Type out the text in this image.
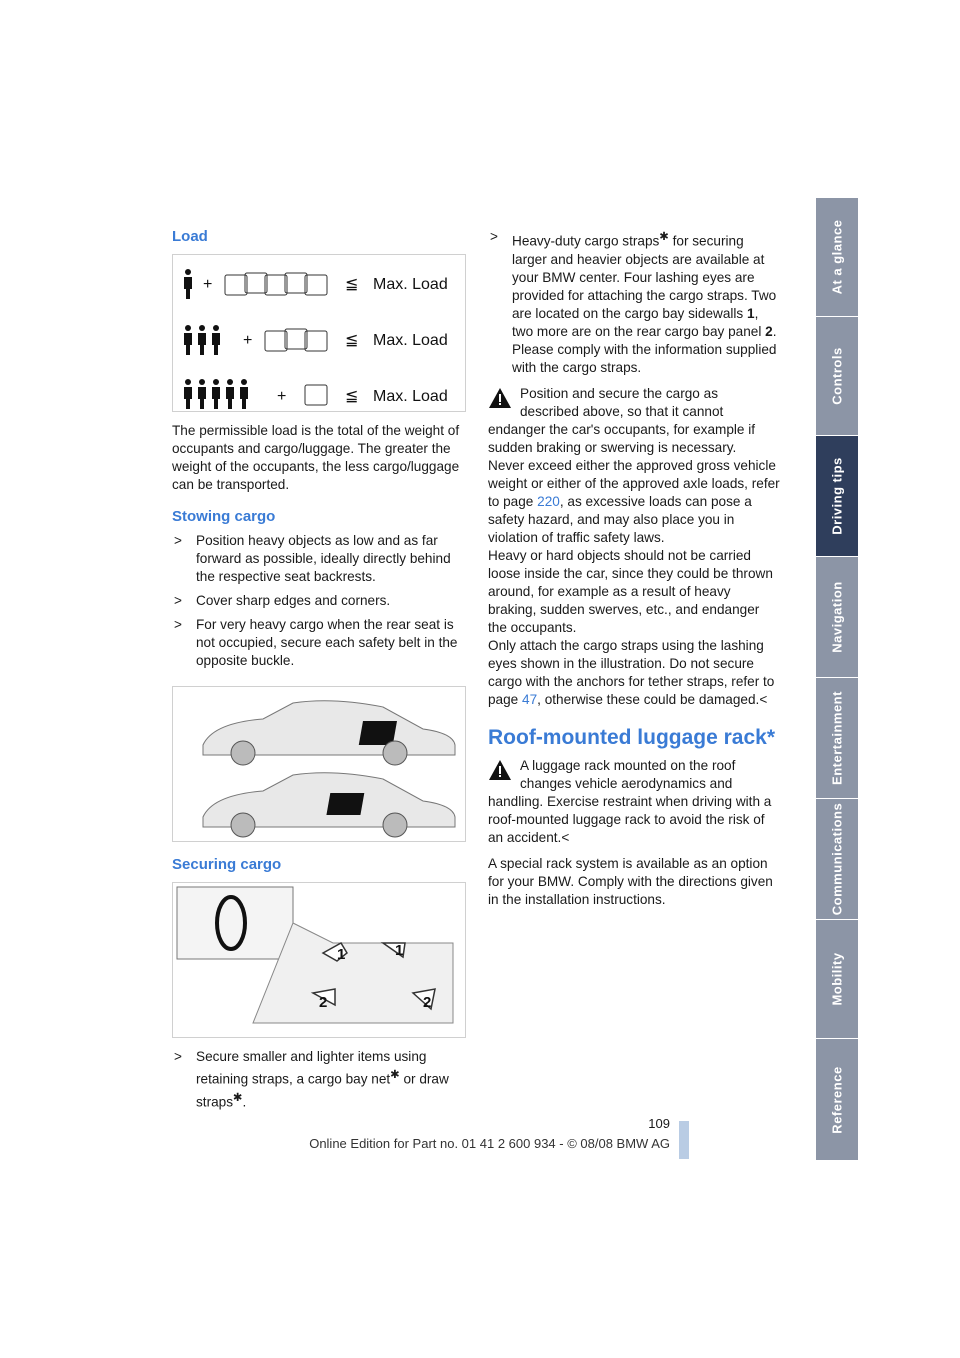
Load
+
+
+
≦
≦
≦
Max. Load
Max. Load
Max. Load

The permissible load is the total of the weight of occupants and cargo/luggage. The greater the weight of the occupants, the less cargo/luggage can be transported.

Stowing cargo
> Position heavy objects as low and as far forward as possible, ideally directly behind the respective seat backrests.
> Cover sharp edges and corners.
> For very heavy cargo when the rear seat is not occupied, secure each safety belt in the opposite buckle.
Securing cargo
1	1
2	2
> Secure smaller and lighter items using retaining straps, a cargo bay net✱ or draw straps✱.
> Heavy-duty cargo straps✱ for securing larger and heavier objects are available at your BMW center. Four lashing eyes are provided for attaching the cargo straps. Two are located on the cargo bay sidewalls 1, two more are on the rear cargo bay panel 2.
Please comply with the information supplied with the cargo straps.

Position and secure the cargo as described above, so that it cannot endanger the car's occupants, for example if sudden braking or swerving is necessary.
Never exceed either the approved gross vehicle weight or either of the approved axle loads, refer to page 220, as excessive loads can pose a safety hazard, and may also place you in violation of traffic safety laws.
Heavy or hard objects should not be carried loose inside the car, since they could be thrown around, for example as a result of heavy braking, sudden swerves, etc., and endanger the occupants.
Only attach the cargo straps using the lashing eyes shown in the illustration. Do not secure cargo with the anchors for tether straps, refer to page 47, otherwise these could be damaged.<

Roof-mounted luggage rack*

A luggage rack mounted on the roof changes vehicle aerodynamics and handling. Exercise restraint when driving with a roof-mounted luggage rack to avoid the risk of an accident.<

A special rack system is available as an option for your BMW. Comply with the directions given in the installation instructions.

At a glance
Controls
Driving tips
Navigation
Entertainment
Communications
Mobility
Reference
109
Online Edition for Part no. 01 41 2 600 934 - © 08/08 BMW AG
